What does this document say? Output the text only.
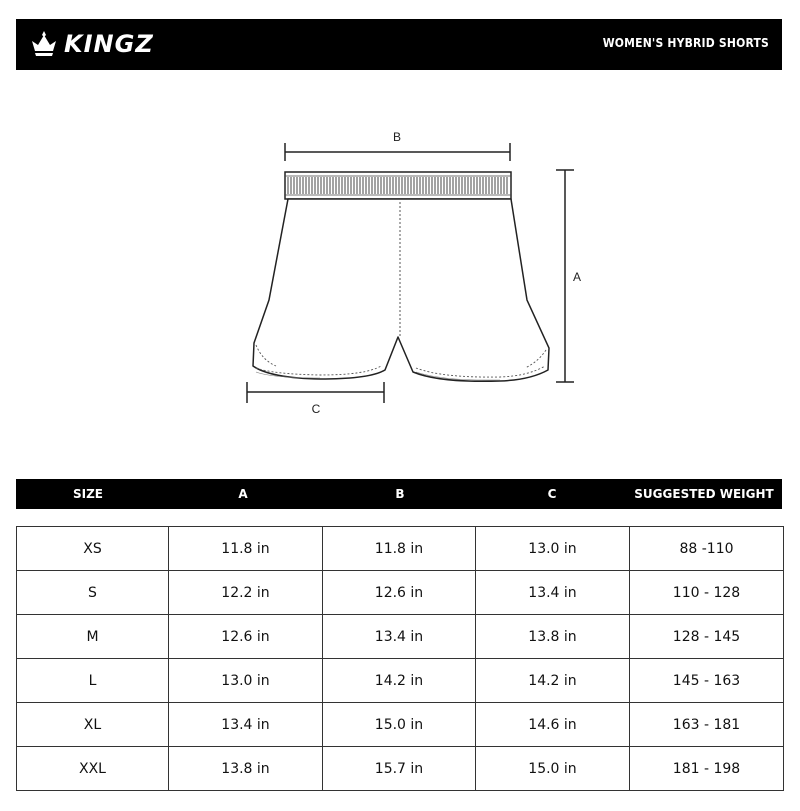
KINGZ	WOMEN'S HYBRID SHORTS
B
A
C
SIZE	A	B	C	SUGGESTED WEIGHT (LBS)
XS	11.8 in	11.8 in	13.0 in	88 -110
S	12.2 in	12.6 in	13.4 in	110 - 128
M	12.6 in	13.4 in	13.8 in	128 - 145
L	13.0 in	14.2 in	14.2 in	145 - 163
XL	13.4 in	15.0 in	14.6 in	163 - 181
XXL	13.8 in	15.7 in	15.0 in	181 - 198
